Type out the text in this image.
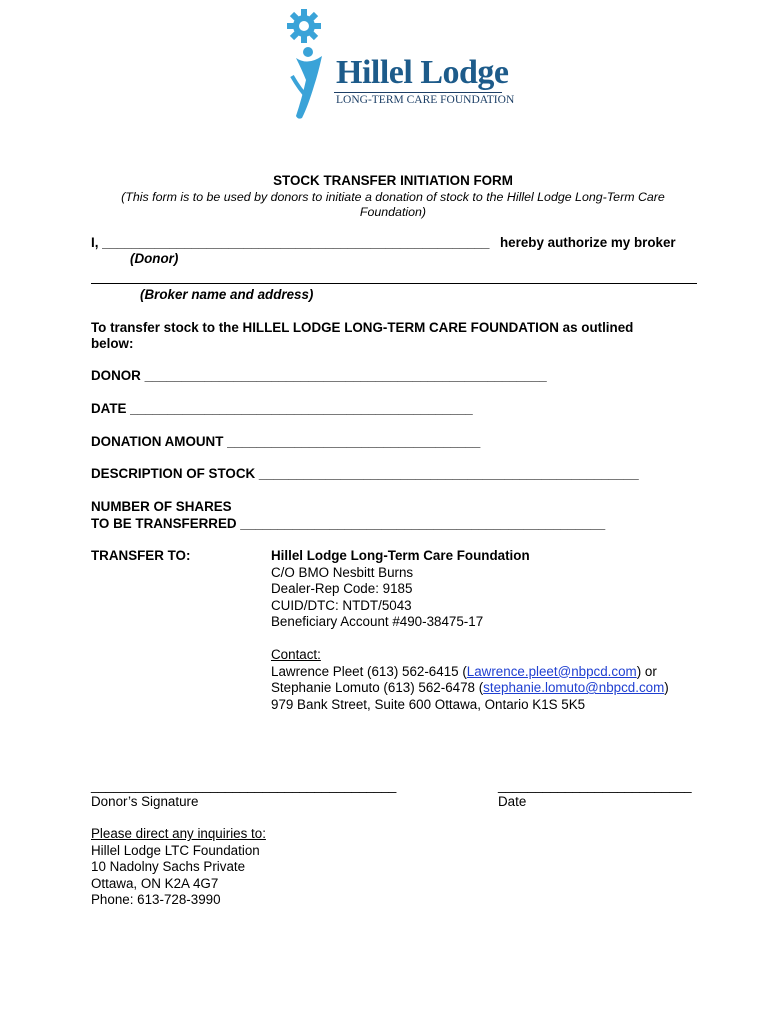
Hillel Lodge
LONG-TERM CARE FOUNDATION
STOCK TRANSFER INITIATION FORM
(This form is to be used by donors to initiate a donation of stock to the Hillel Lodge Long-Term Care
Foundation)
I, ____________________________________________________ hereby authorize my broker
(Donor)
(Broker name and address)
To transfer stock to the HILLEL LODGE LONG-TERM CARE FOUNDATION as outlined
below:
DONOR ______________________________________________________
DATE ______________________________________________
DONATION AMOUNT __________________________________
DESCRIPTION OF STOCK ___________________________________________________
NUMBER OF SHARES
TO BE TRANSFERRED _________________________________________________
TRANSFER TO:	Hillel Lodge Long-Term Care Foundation
C/O BMO Nesbitt Burns
Dealer-Rep Code: 9185
CUID/DTC: NTDT/5043
Beneficiary Account #490-38475-17
Contact:
Lawrence Pleet (613) 562-6415 (Lawrence.pleet@nbpcd.com) or
Stephanie Lomuto (613) 562-6478 (stephanie.lomuto@nbpcd.com)
979 Bank Street, Suite 600 Ottawa, Ontario K1S 5K5
_________________________________________
Donor’s Signature
__________________________
Date
Please direct any inquiries to:
Hillel Lodge LTC Foundation
10 Nadolny Sachs Private
Ottawa, ON K2A 4G7
Phone: 613-728-3990
